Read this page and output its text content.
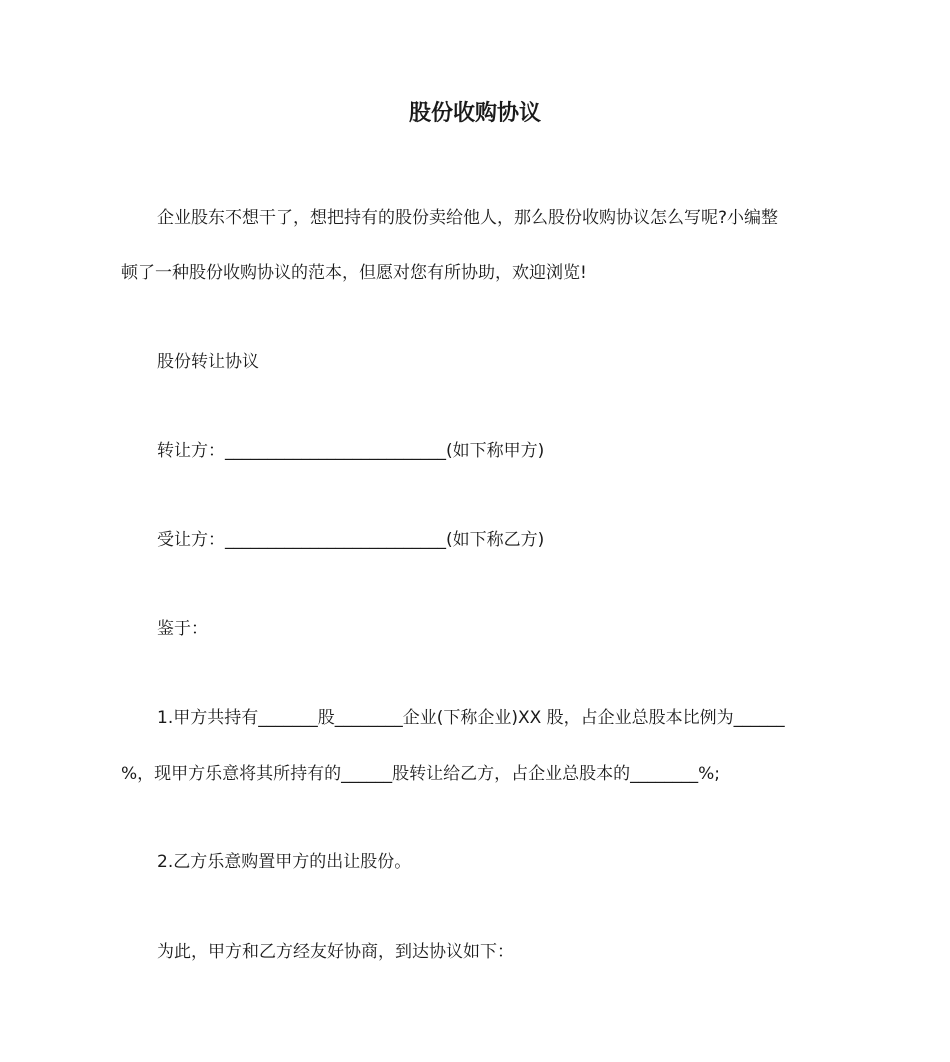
股份收购协议
企业股东不想干了，想把持有的股份卖给他人，那么股份收购协议怎么写呢?小编整
顿了一种股份收购协议的范本，但愿对您有所协助，欢迎浏览!
股份转让协议
转让方：__________________________(如下称甲方)
受让方：__________________________(如下称乙方)
鉴于：
1.甲方共持有_______股________企业(下称企业)XX 股，占企业总股本比例为______
%，现甲方乐意将其所持有的______股转让给乙方，占企业总股本的________%;
2.乙方乐意购置甲方的出让股份。
为此，甲方和乙方经友好协商，到达协议如下：
